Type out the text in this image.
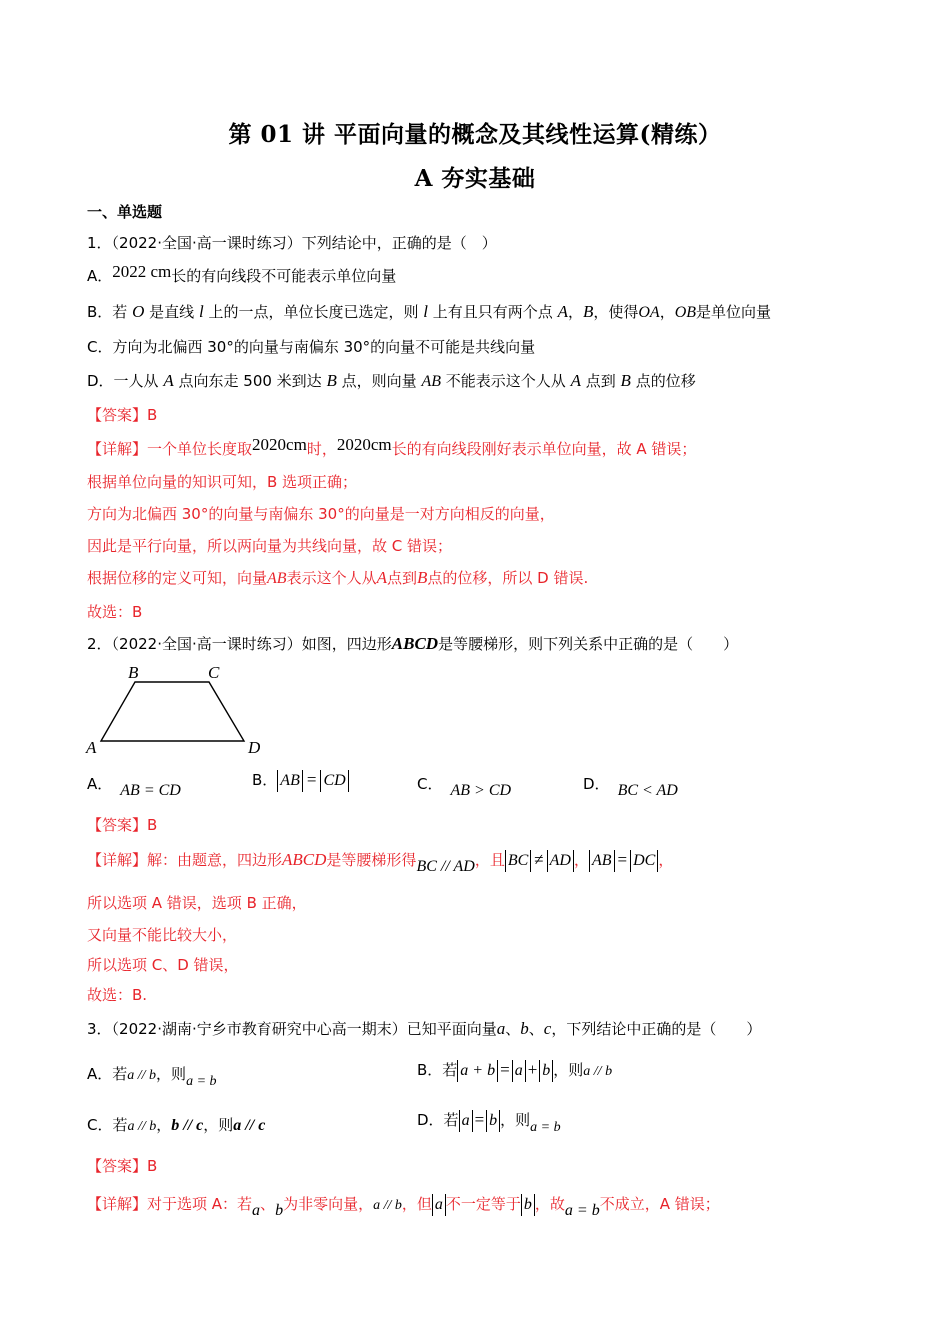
第 01 讲 平面向量的概念及其线性运算(精练）
A 夯实基础
一、单选题
1．（2022·全国·高一课时练习）下列结论中，正确的是（　）
A．2022 cm长的有向线段不可能表示单位向量
B．若 O 是直线 l 上的一点，单位长度已选定，则 l 上有且只有两个点 A，B，使得OA，OB是单位向量
C．方向为北偏西 30°的向量与南偏东 30°的向量不可能是共线向量
D．一人从 A 点向东走 500 米到达 B 点，则向量 AB 不能表示这个人从 A 点到 B 点的位移
【答案】B
【详解】一个单位长度取2020cm时，2020cm长的有向线段刚好表示单位向量，故 A 错误；
根据单位向量的知识可知，B 选项正确；
方向为北偏西 30°的向量与南偏东 30°的向量是一对方向相反的向量，
因此是平行向量，所以两向量为共线向量，故 C 错误；
根据位移的定义可知，向量AB表示这个人从A点到B点的位移，所以 D 错误.
故选：B
2．（2022·全国·高一课时练习）如图，四边形ABCD是等腰梯形，则下列关系中正确的是（　　）
A
B	C
D
A． AB = CD
B． AB = CD	C． AB > CD	D． BC < AD
【答案】B
【详解】解：由题意，四边形ABCD是等腰梯形得BC // AD，且 BC ≠ AD ， AB = DC ，
所以选项 A 错误，选项 B 正确，
又向量不能比较大小，
所以选项 C、D 错误，
故选：B.
3．（2022·湖南·宁乡市教育研究中心高一期末）已知平面向量a、b、c，下列结论中正确的是（　　）
A．若a // b，则a = b
B．若 a + b = a + b ，则a // b
C．若a // b，b // c，则a // c	D．若 a = b ，则a = b
【答案】B
【详解】对于选项 A：若a、b为非零向量，a // b，但 a 不一定等于 b ，故a = b不成立，A 错误；
